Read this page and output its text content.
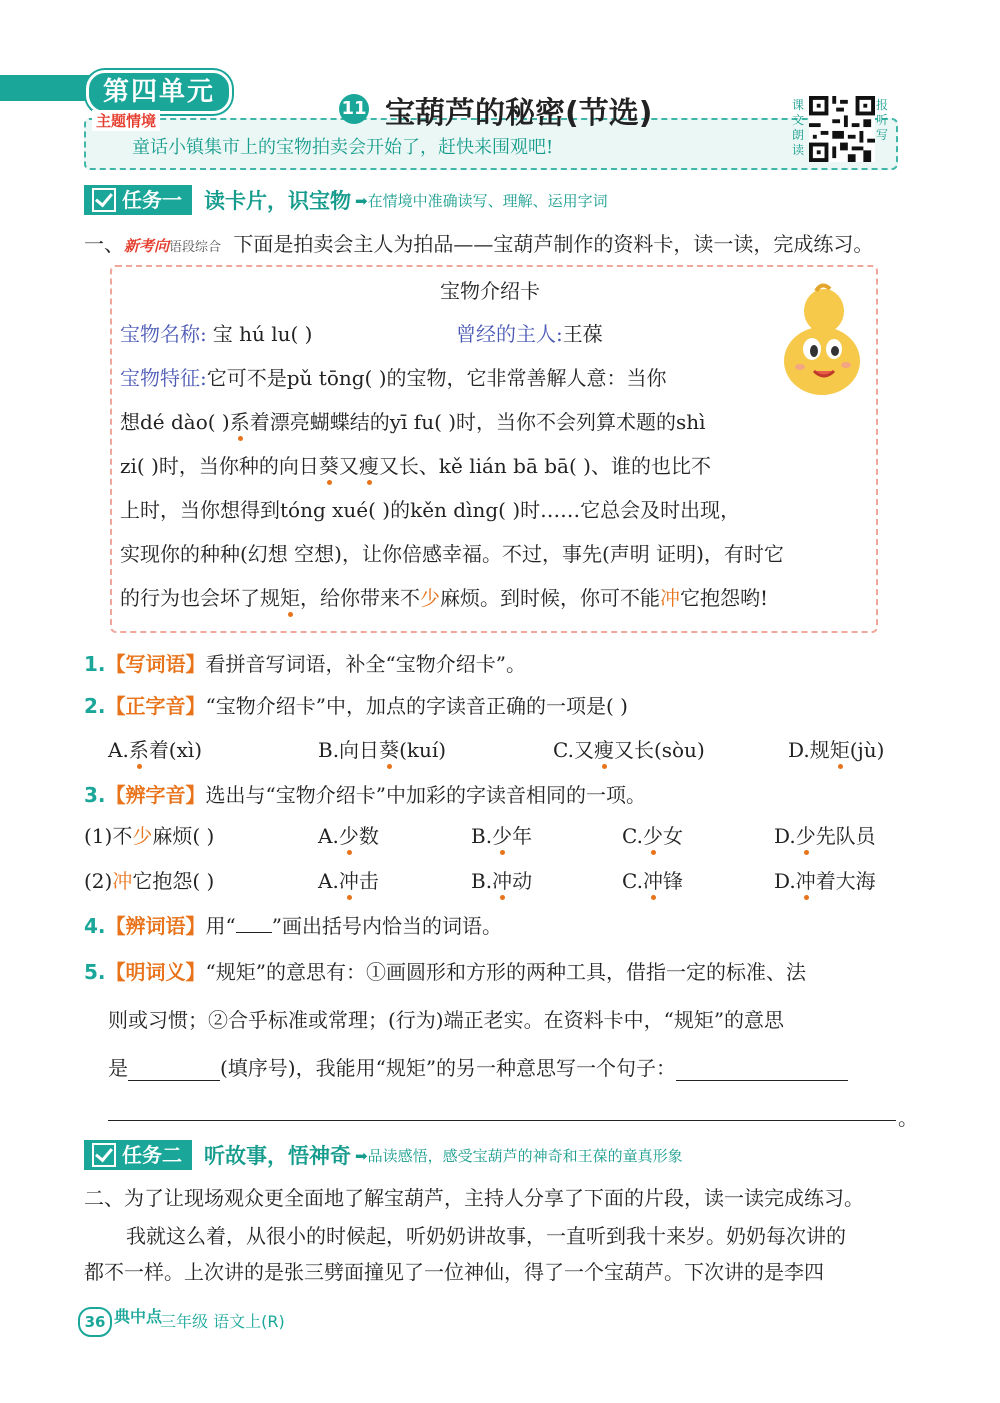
第四单元
主题情境
童话小镇集市上的宝物拍卖会开始了，赶快来围观吧!
11 宝葫芦的秘密(节选)	课文朗读
报听写
任务一 读卡片，识宝物 ➡在情境中准确读写、理解、运用字词
一、新考向语段综合 下面是拍卖会主人为拍品——宝葫芦制作的资料卡，读一读，完成练习。
宝物介绍卡
宝物名称: 宝 hú lu( )	曾经的主人:王葆
宝物特征:它可不是pǔ tōng( )的宝物，它非常善解人意：当你
想dé dào( )系着漂亮蝴蝶结的yī fu( )时，当你不会列算术题的shì
zi( )时，当你种的向日葵又瘦又长、kě lián bā bā( )、谁的也比不
上时，当你想得到tóng xué( )的kěn dìng( )时……它总会及时出现，
实现你的种种(幻想 空想)，让你倍感幸福。不过，事先(声明 证明)，有时它
的行为也会坏了规矩，给你带来不少麻烦。到时候，你可不能冲它抱怨哟!
1.【写词语】看拼音写词语，补全“宝物介绍卡”。
2.【正字音】“宝物介绍卡”中，加点的字读音正确的一项是( )
A.系着(xì)	B.向日葵(kuí)	C.又瘦又长(sòu)	D.规矩(jù)
3.【辨字音】选出与“宝物介绍卡”中加彩的字读音相同的一项。
(1)不少麻烦( )	A.少数	B.少年	C.少女	D.少先队员
(2)冲它抱怨( )	A.冲击	B.冲动	C.冲锋	D.冲着大海
4.【辨词语】用“ ”画出括号内恰当的词语。
5.【明词义】“规矩”的意思有：①画圆形和方形的两种工具，借指一定的标准、法
则或习惯；②合乎标准或常理；(行为)端正老实。在资料卡中，“规矩”的意思
是	(填序号)，我能用“规矩”的另一种意思写一个句子：
。
任务二 听故事，悟神奇 ➡品读感悟，感受宝葫芦的神奇和王葆的童真形象
二、为了让现场观众更全面地了解宝葫芦，主持人分享了下面的片段，读一读完成练习。
我就这么着，从很小的时候起，听奶奶讲故事，一直听到我十来岁。奶奶每次讲的
都不一样。上次讲的是张三劈面撞见了一位神仙，得了一个宝葫芦。下次讲的是李四
36 典中点
三年级 语文上(R)
